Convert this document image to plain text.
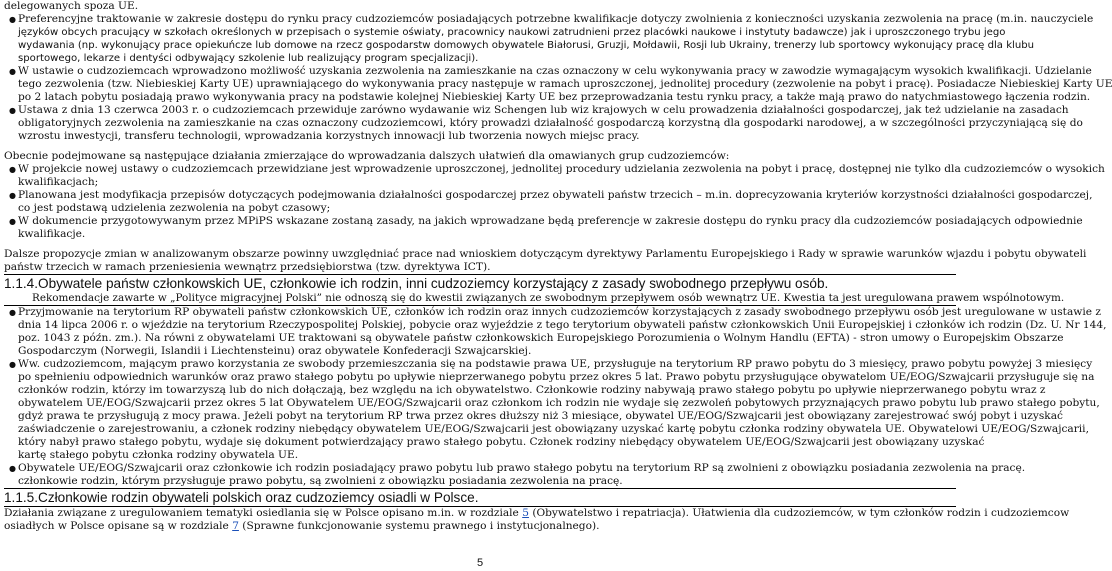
delegowanych spoza UE.
● Preferencyjne traktowanie w zakresie dostępu do rynku pracy cudzoziemców posiadających potrzebne kwalifikacje dotyczy zwolnienia z konieczności uzyskania zezwolenia na pracę (m.in. nauczyciele
języków obcych pracujący w szkołach określonych w przepisach o systemie oświaty, pracownicy naukowi zatrudnieni przez placówki naukowe i instytuty badawcze) jak i uproszczonego trybu jego
wydawania (np. wykonujący prace opiekuńcze lub domowe na rzecz gospodarstw domowych obywatele Białorusi, Gruzji, Mołdawii, Rosji lub Ukrainy, trenerzy lub sportowcy wykonujący pracę dla klubu
sportowego, lekarze i dentyści odbywający szkolenie lub realizujący program specjalizacji).
● W ustawie o cudzoziemcach wprowadzono możliwość uzyskania zezwolenia na zamieszkanie na czas oznaczony w celu wykonywania pracy w zawodzie wymagającym wysokich kwalifikacji. Udzielanie
tego zezwolenia (tzw. Niebieskiej Karty UE) uprawniającego do wykonywania pracy następuje w ramach uproszczonej, jednolitej procedury (zezwolenie na pobyt i pracę). Posiadacze Niebieskiej Karty UE
po 2 latach pobytu posiadają prawo wykonywania pracy na podstawie kolejnej Niebieskiej Karty UE bez przeprowadzania testu rynku pracy, a także mają prawo do natychmiastowego łączenia rodzin.
● Ustawa z dnia 13 czerwca 2003 r. o cudzoziemcach przewiduje zarówno wydawanie wiz Schengen lub wiz krajowych w celu prowadzenia działalności gospodarczej, jak też udzielanie na zasadach
obligatoryjnych zezwolenia na zamieszkanie na czas oznaczony cudzoziemcowi, który prowadzi działalność gospodarczą korzystną dla gospodarki narodowej, a w szczególności przyczyniającą się do
wzrostu inwestycji, transferu technologii, wprowadzania korzystnych innowacji lub tworzenia nowych miejsc pracy.
Obecnie podejmowane są następujące działania zmierzające do wprowadzania dalszych ułatwień dla omawianych grup cudzoziemców:
● W projekcie nowej ustawy o cudzoziemcach przewidziane jest wprowadzenie uproszczonej, jednolitej procedury udzielania zezwolenia na pobyt i pracę, dostępnej nie tylko dla cudzoziemców o wysokich
kwalifikacjach;
● Planowana jest modyfikacja przepisów dotyczących podejmowania działalności gospodarczej przez obywateli państw trzecich – m.in. doprecyzowania kryteriów korzystności działalności gospodarczej,
co jest podstawą udzielenia zezwolenia na pobyt czasowy;
● W dokumencie przygotowywanym przez MPiPS wskazane zostaną zasady, na jakich wprowadzane będą preferencje w zakresie dostępu do rynku pracy dla cudzoziemców posiadających odpowiednie
kwalifikacje.
Dalsze propozycje zmian w analizowanym obszarze powinny uwzględniać prace nad wnioskiem dotyczącym dyrektywy Parlamentu Europejskiego i Rady w sprawie warunków wjazdu i pobytu obywateli
państw trzecich w ramach przeniesienia wewnątrz przedsiębiorstwa (tzw. dyrektywa ICT).
1.1.4. Obywatele państw członkowskich UE, członkowie ich rodzin, inni cudzoziemcy korzystający z zasady swobodnego przepływu osób.
Rekomendacje zawarte w „Polityce migracyjnej Polski” nie odnoszą się do kwestii związanych ze swobodnym przepływem osób wewnątrz UE. Kwestia ta jest uregulowana prawem wspólnotowym.
● Przyjmowanie na terytorium RP obywateli państw członkowskich UE, członków ich rodzin oraz innych cudzoziemców korzystających z zasady swobodnego przepływu osób jest uregulowane w ustawie z
dnia 14 lipca 2006 r. o wjeździe na terytorium Rzeczypospolitej Polskiej, pobycie oraz wyjeździe z tego terytorium obywateli państw członkowskich Unii Europejskiej i członków ich rodzin (Dz. U. Nr 144,
poz. 1043 z późn. zm.). Na równi z obywatelami UE traktowani są obywatele państw członkowskich Europejskiego Porozumienia o Wolnym Handlu (EFTA) - stron umowy o Europejskim Obszarze
Gospodarczym (Norwegii, Islandii i Liechtensteinu) oraz obywatele Konfederacji Szwajcarskiej.
● Ww. cudzoziemcom, mającym prawo korzystania ze swobody przemieszczania się na podstawie prawa UE, przysługuje na terytorium RP prawo pobytu do 3 miesięcy, prawo pobytu powyżej 3 miesięcy
po spełnieniu odpowiednich warunków oraz prawo stałego pobytu po upływie nieprzerwanego pobytu przez okres 5 lat. Prawo pobytu przysługujące obywatelom UE/EOG/Szwajcarii przysługuje się na
członków rodzin, którzy im towarzyszą lub do nich dołączają, bez względu na ich obywatelstwo. Członkowie rodziny nabywają prawo stałego pobytu po upływie nieprzerwanego pobytu wraz z
obywatelem UE/EOG/Szwajcarii przez okres 5 lat Obywatelem UE/EOG/Szwajcarii oraz członkom ich rodzin nie wydaje się zezwoleń pobytowych przyznających prawo pobytu lub prawo stałego pobytu,
gdyż prawa te przysługują z mocy prawa. Jeżeli pobyt na terytorium RP trwa przez okres dłuższy niż 3 miesiące, obywatel UE/EOG/Szwajcarii jest obowiązany zarejestrować swój pobyt i uzyskać
zaświadczenie o zarejestrowaniu, a członek rodziny niebędący obywatelem UE/EOG/Szwajcarii jest obowiązany uzyskać kartę pobytu członka rodziny obywatela UE. Obywatelowi UE/EOG/Szwajcarii,
który nabył prawo stałego pobytu, wydaje się dokument potwierdzający prawo stałego pobytu. Członek rodziny niebędący obywatelem UE/EOG/Szwajcarii jest obowiązany uzyskać
kartę stałego pobytu członka rodziny obywatela UE.
● Obywatele UE/EOG/Szwajcarii oraz członkowie ich rodzin posiadający prawo pobytu lub prawo stałego pobytu na terytorium RP są zwolnieni z obowiązku posiadania zezwolenia na pracę.
członkowie rodzin, którym przysługuje prawo pobytu, są zwolnieni z obowiązku posiadania zezwolenia na pracę.
1.1.5. Członkowie rodzin obywateli polskich oraz cudzoziemcy osiadli w Polsce.
Działania związane z uregulowaniem tematyki osiedlania się w Polsce opisano m.in. w rozdziale 5 (Obywatelstwo i repatriacja). Ułatwienia dla cudzoziemców, w tym członków rodzin i cudzoziemcow
osiadłych w Polsce opisane są w rozdziale 7 (Sprawne funkcjonowanie systemu prawnego i instytucjonalnego).
5
